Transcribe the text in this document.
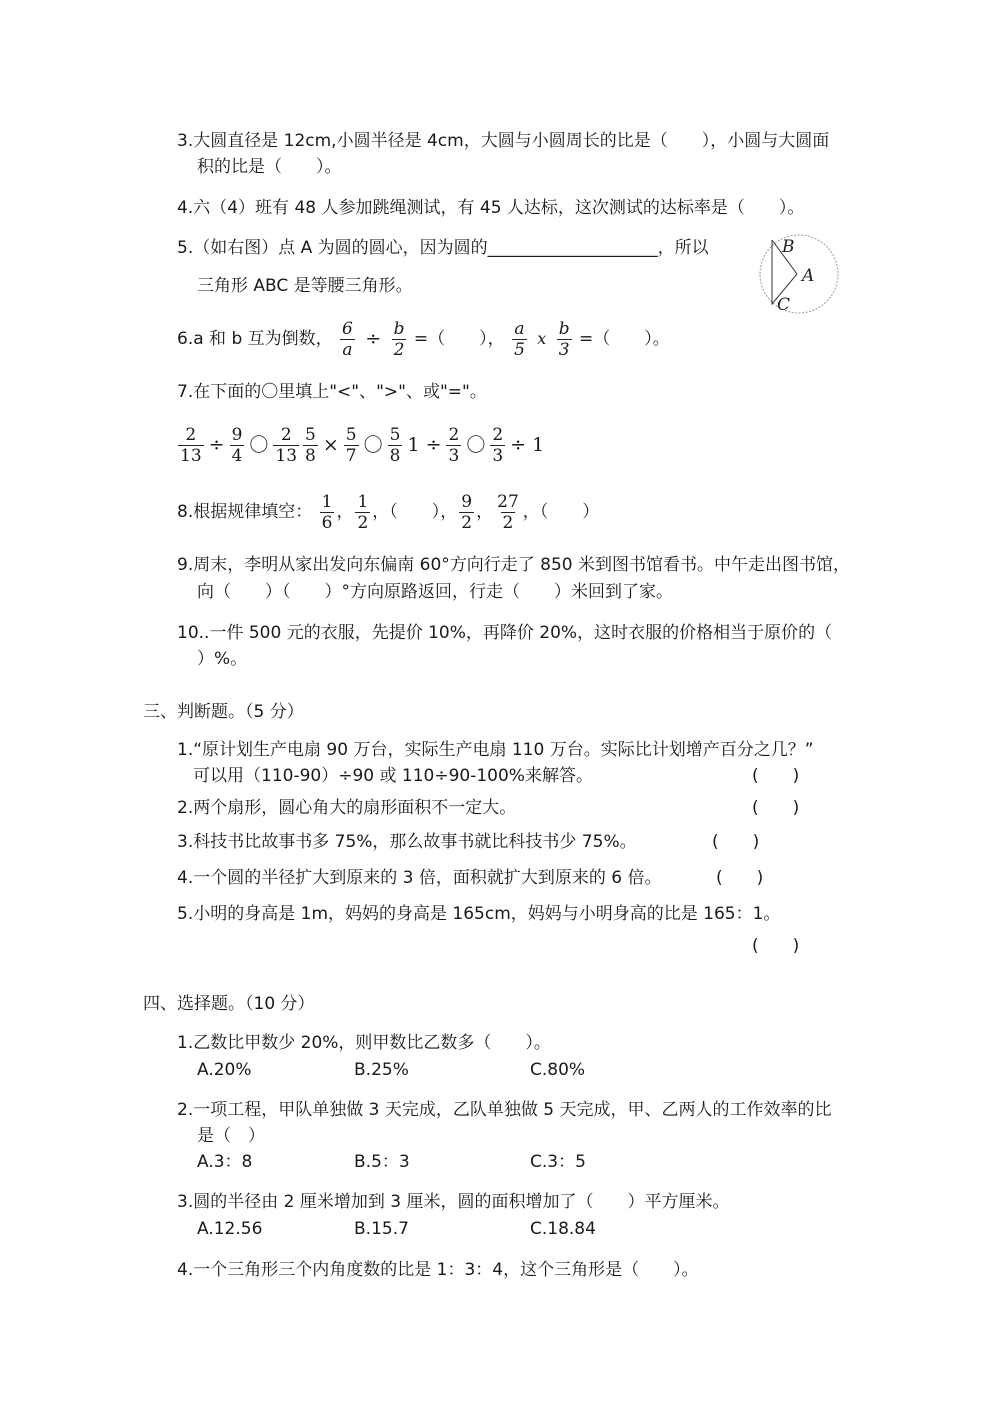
3.大圆直径是 12cm,小圆半径是 4cm，大圆与小圆周长的比是（　　），小圆与大圆面
积的比是（　　）。
4.六（4）班有 48 人参加跳绳测试，有 45 人达标，这次测试的达标率是（　　）。
5.（如右图）点 A 为圆的圆心，因为圆的____________________，所以
三角形 ABC 是等腰三角形。
B
A
C
6.a 和 b 互为倒数， $\frac{6}{a} \div \frac{b}{2}$ =（　　）， $\frac{a}{5}$ x $\frac{b}{3}$ =（　　）。
7.在下面的〇里填上"<"、">"、或"="。
$\frac{2}{13} \div \frac{9}{4}$ 〇 $\frac{2}{13} \frac{5}{8} \times \frac{5}{7}$ 〇 $\frac{5}{8} 1 \div \frac{2}{3}$ 〇 $\frac{2}{3} \div 1$
8.根据规律填空： $\frac{1}{6}$ ， $\frac{1}{2}$ ，（　　）， $\frac{9}{2}$ ， $\frac{27}{2}$ ，（　　）
9.周末，李明从家出发向东偏南 60°方向行走了 850 米到图书馆看书。中午走出图书馆，
向（　　）（　　）°方向原路返回，行走（　　）米回到了家。
10..一件 500 元的衣服，先提价 10%，再降价 20%，这时衣服的价格相当于原价的（
）%。
三、判断题。（5 分）
1.“原计划生产电扇 90 万台，实际生产电扇 110 万台。实际比计划增产百分之几？”
可以用（110-90）÷90 或 110÷90-100%来解答。	(　　)
2.两个扇形，圆心角大的扇形面积不一定大。	(　　)
3.科技书比故事书多 75%，那么故事书就比科技书少 75%。	(　　)
4.一个圆的半径扩大到原来的 3 倍，面积就扩大到原来的 6 倍。	(　　)
5.小明的身高是 1m，妈妈的身高是 165cm，妈妈与小明身高的比是 165：1。
(　　)
四、选择题。（10 分）
1.乙数比甲数少 20%，则甲数比乙数多（　　）。
A.20%	B.25%	C.80%
2.一项工程，甲队单独做 3 天完成，乙队单独做 5 天完成，甲、乙两人的工作效率的比
是（　）
A.3：8	B.5：3	C.3：5
3.圆的半径由 2 厘米增加到 3 厘米，圆的面积增加了（　　）平方厘米。
A.12.56	B.15.7	C.18.84
4.一个三角形三个内角度数的比是 1：3：4，这个三角形是（　　）。
